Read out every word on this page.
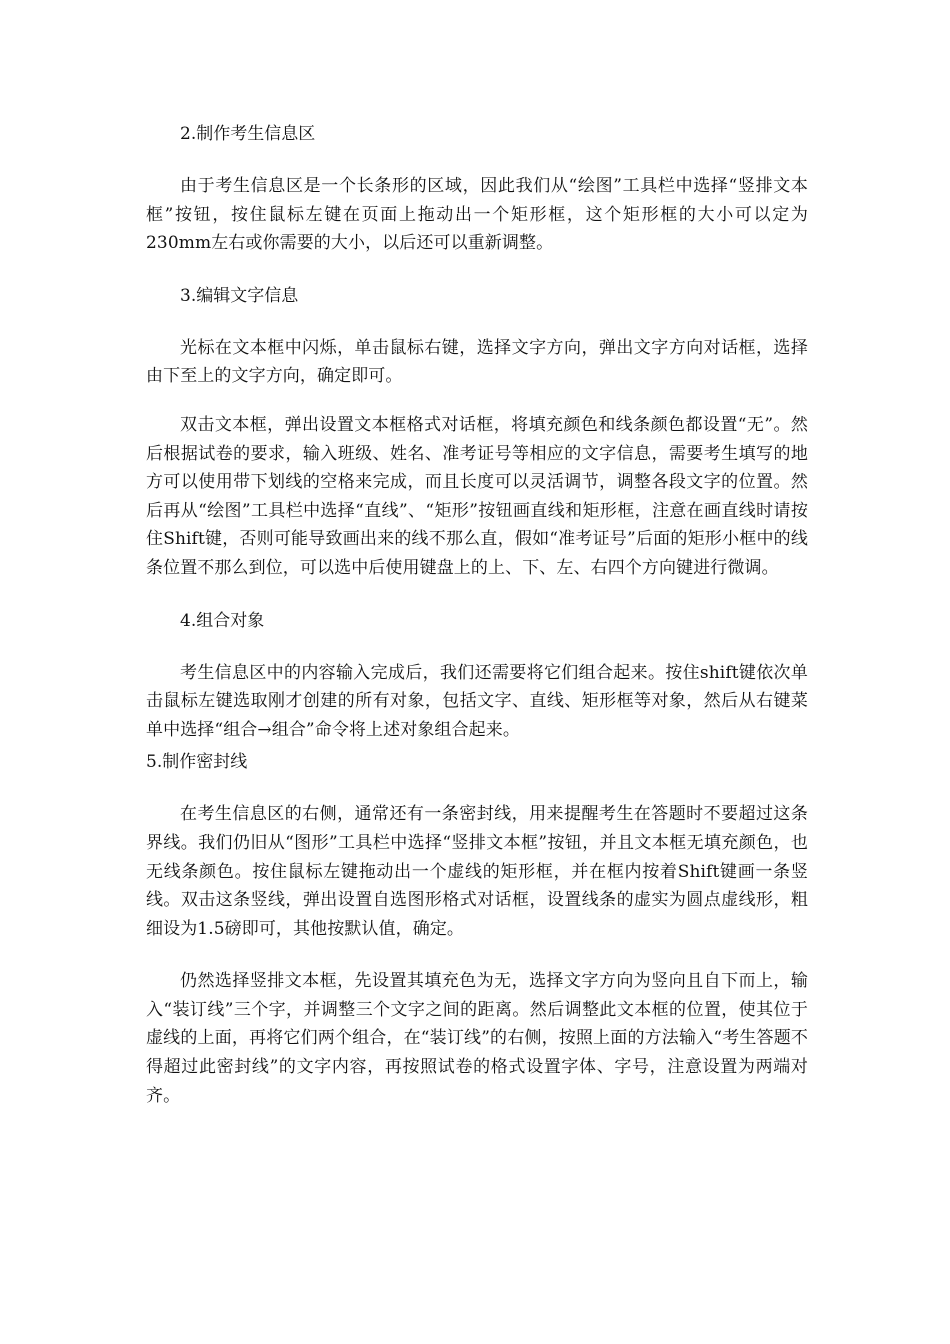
2.制作考生信息区

由于考生信息区是一个长条形的区域，因此我们从“绘图”工具栏中选择“竖排文本框”按钮，按住鼠标左键在页面上拖动出一个矩形框，这个矩形框的大小可以定为230mm左右或你需要的大小，以后还可以重新调整。

3.编辑文字信息

光标在文本框中闪烁，单击鼠标右键，选择文字方向，弹出文字方向对话框，选择由下至上的文字方向，确定即可。

双击文本框，弹出设置文本框格式对话框，将填充颜色和线条颜色都设置“无”。然后根据试卷的要求，输入班级、姓名、准考证号等相应的文字信息，需要考生填写的地方可以使用带下划线的空格来完成，而且长度可以灵活调节，调整各段文字的位置。然后再从“绘图”工具栏中选择“直线”、“矩形”按钮画直线和矩形框，注意在画直线时请按住Shift键，否则可能导致画出来的线不那么直，假如“准考证号”后面的矩形小框中的线条位置不那么到位，可以选中后使用键盘上的上、下、左、右四个方向键进行微调。

4.组合对象

考生信息区中的内容输入完成后，我们还需要将它们组合起来。按住shift键依次单击鼠标左键选取刚才创建的所有对象，包括文字、直线、矩形框等对象，然后从右键菜单中选择“组合→组合”命令将上述对象组合起来。

5.制作密封线

在考生信息区的右侧，通常还有一条密封线，用来提醒考生在答题时不要超过这条界线。我们仍旧从“图形”工具栏中选择“竖排文本框”按钮，并且文本框无填充颜色，也无线条颜色。按住鼠标左键拖动出一个虚线的矩形框，并在框内按着Shift键画一条竖线。双击这条竖线，弹出设置自选图形格式对话框，设置线条的虚实为圆点虚线形，粗细设为1.5磅即可，其他按默认值，确定。

仍然选择竖排文本框，先设置其填充色为无，选择文字方向为竖向且自下而上，输入“装订线”三个字，并调整三个文字之间的距离。然后调整此文本框的位置，使其位于虚线的上面，再将它们两个组合，在“装订线”的右侧，按照上面的方法输入“考生答题不得超过此密封线”的文字内容，再按照试卷的格式设置字体、字号，注意设置为两端对齐。
